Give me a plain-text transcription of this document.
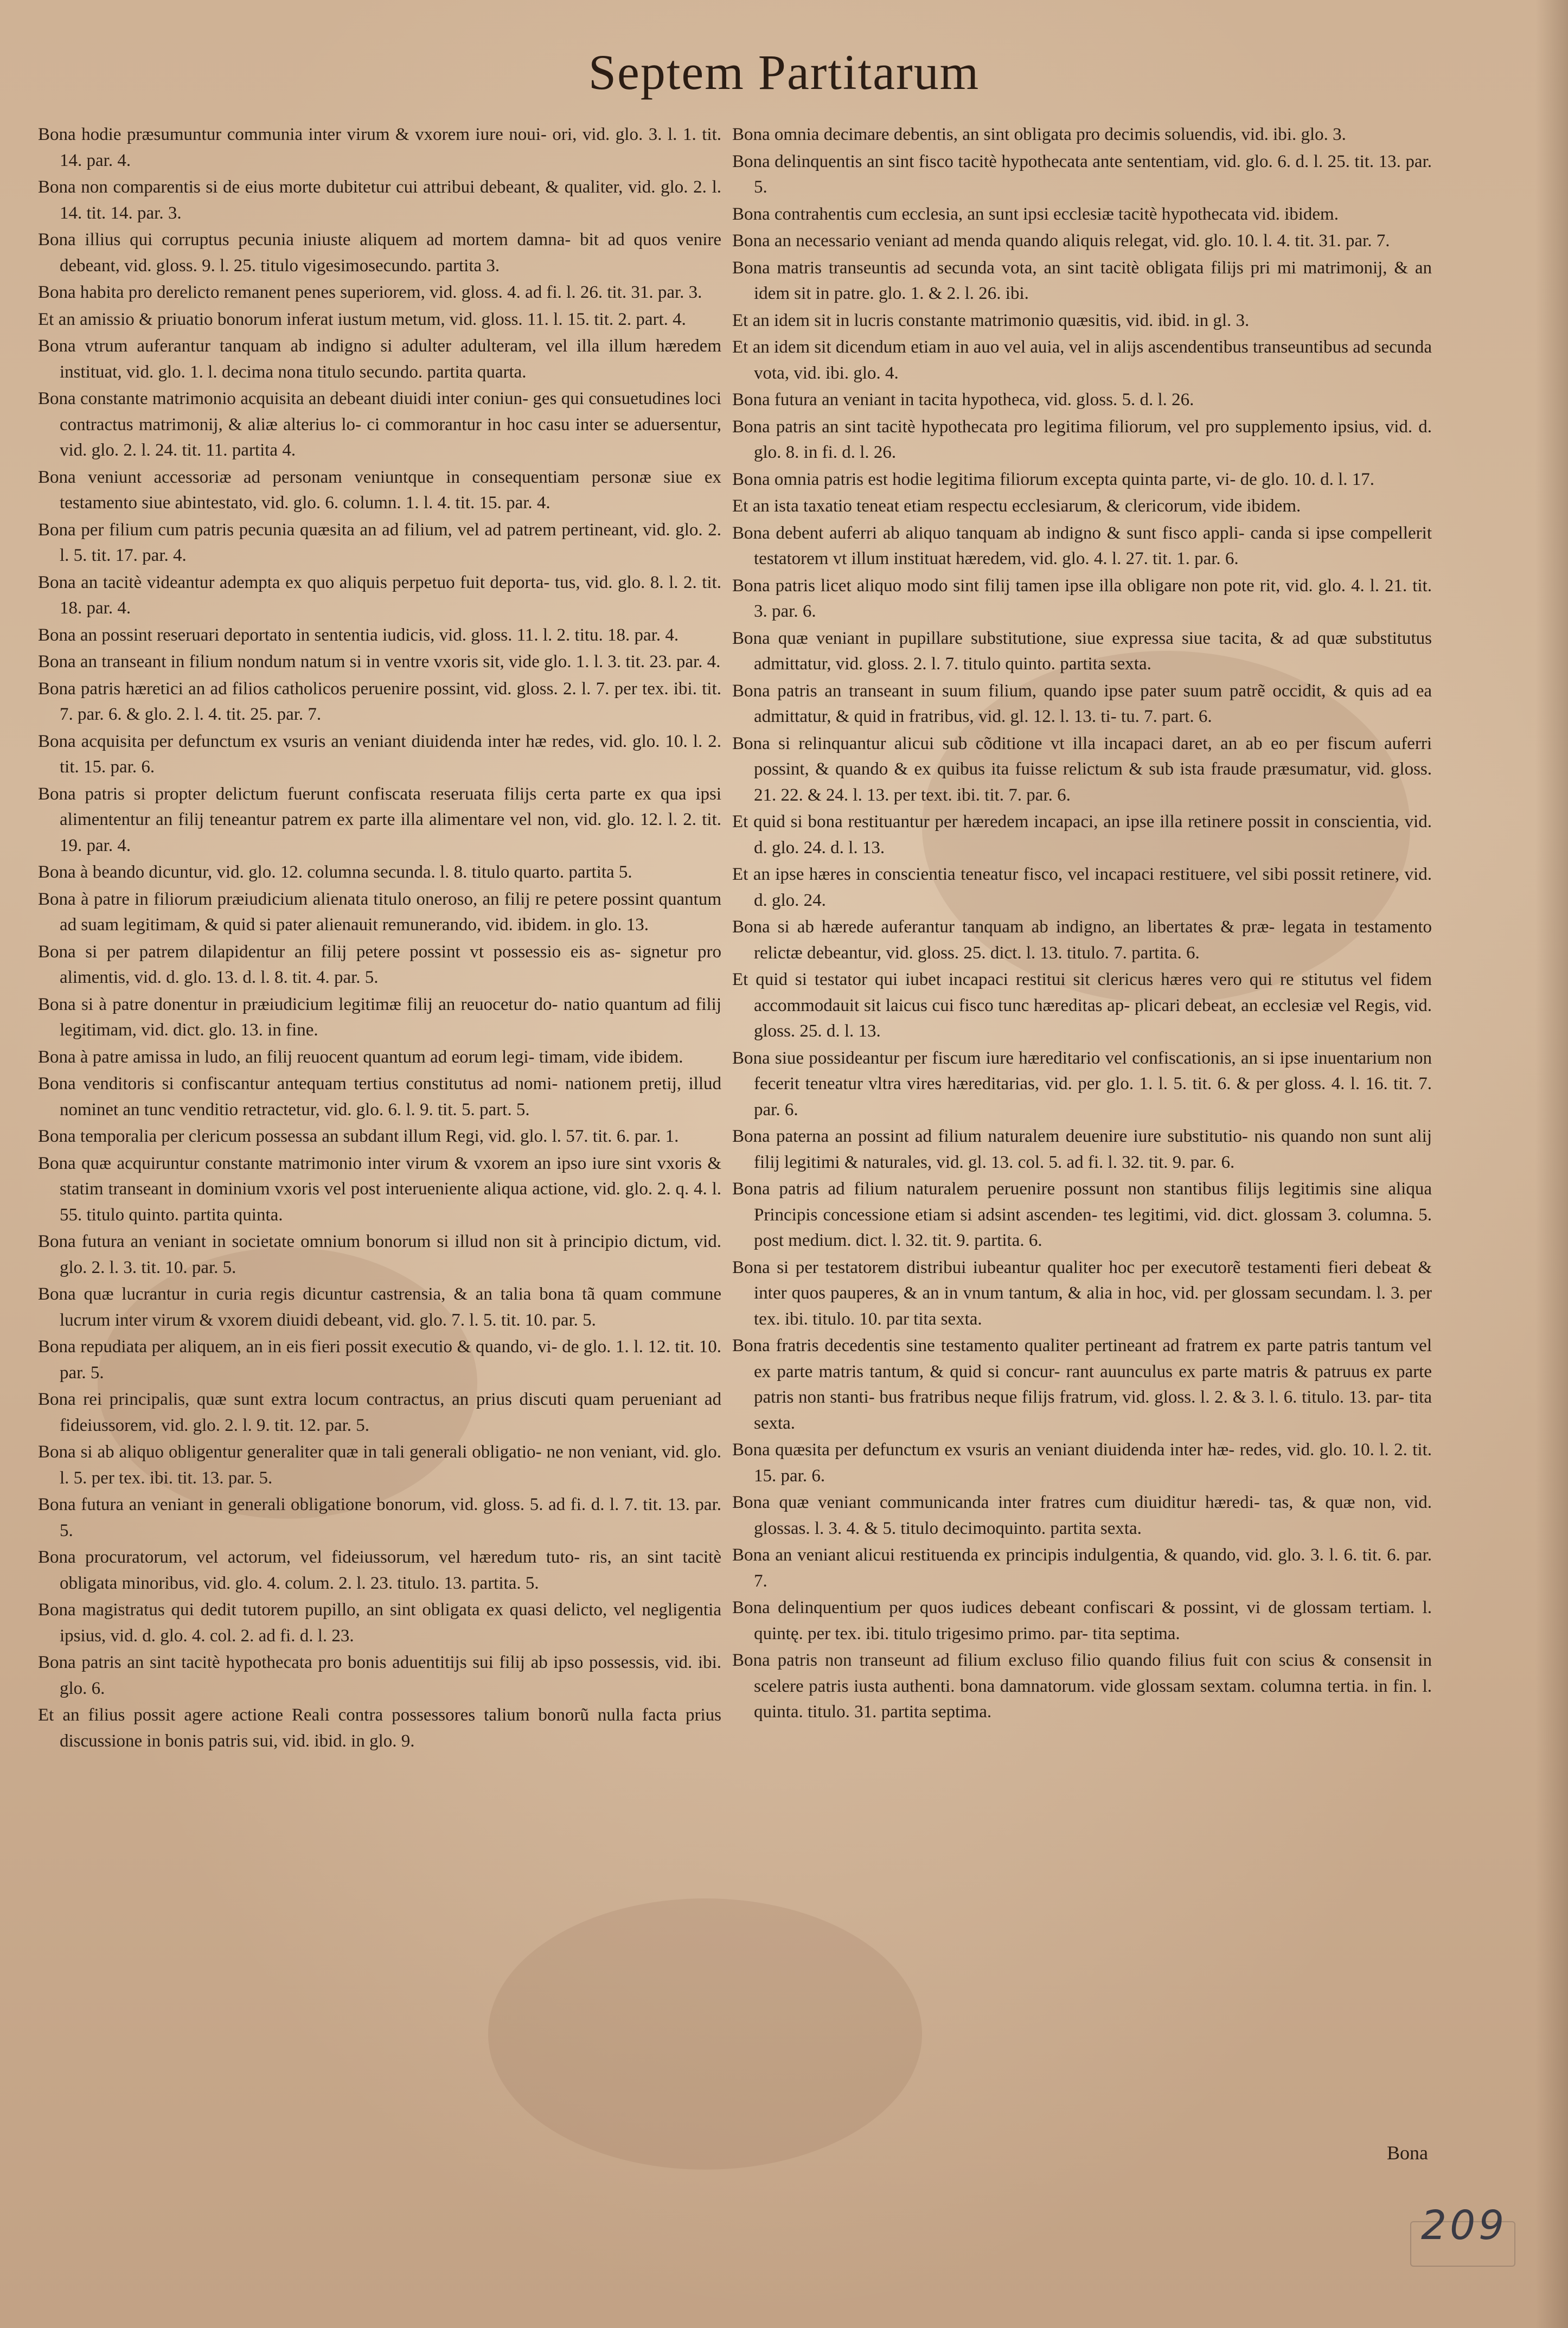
Septem Partitarum

Bona hodie præsumuntur communia inter virum & vxorem iure noui- ori, vid. glo. 3. l. 1. tit. 14. par. 4.

Bona non comparentis si de eius morte dubitetur cui attribui debeant, & qualiter, vid. glo. 2. l. 14. tit. 14. par. 3.

Bona illius qui corruptus pecunia iniuste aliquem ad mortem damna- bit ad quos venire debeant, vid. gloss. 9. l. 25. titulo vigesimosecundo. partita 3.

Bona habita pro derelicto remanent penes superiorem, vid. gloss. 4. ad fi. l. 26. tit. 31. par. 3.

Et an amissio & priuatio bonorum inferat iustum metum, vid. gloss. 11. l. 15. tit. 2. part. 4.

Bona vtrum auferantur tanquam ab indigno si adulter adulteram, vel illa illum hæredem instituat, vid. glo. 1. l. decima nona titulo secundo. partita quarta.

Bona constante matrimonio acquisita an debeant diuidi inter coniun- ges qui consuetudines loci contractus matrimonij, & aliæ alterius lo- ci commorantur in hoc casu inter se aduersentur, vid. glo. 2. l. 24. tit. 11. partita 4.

Bona veniunt accessoriæ ad personam veniuntque in consequentiam personæ siue ex testamento siue abintestato, vid. glo. 6. column. 1. l. 4. tit. 15. par. 4.

Bona per filium cum patris pecunia quæsita an ad filium, vel ad patrem pertineant, vid. glo. 2. l. 5. tit. 17. par. 4.

Bona an tacitè videantur adempta ex quo aliquis perpetuo fuit deporta- tus, vid. glo. 8. l. 2. tit. 18. par. 4.

Bona an possint reseruari deportato in sententia iudicis, vid. gloss. 11. l. 2. titu. 18. par. 4.

Bona an transeant in filium nondum natum si in ventre vxoris sit, vide glo. 1. l. 3. tit. 23. par. 4.

Bona patris hæretici an ad filios catholicos peruenire possint, vid. gloss. 2. l. 7. per tex. ibi. tit. 7. par. 6. & glo. 2. l. 4. tit. 25. par. 7.

Bona acquisita per defunctum ex vsuris an veniant diuidenda inter hæ redes, vid. glo. 10. l. 2. tit. 15. par. 6.

Bona patris si propter delictum fuerunt confiscata reseruata filijs certa parte ex qua ipsi alimententur an filij teneantur patrem ex parte illa alimentare vel non, vid. glo. 12. l. 2. tit. 19. par. 4.

Bona à beando dicuntur, vid. glo. 12. columna secunda. l. 8. titulo quarto. partita 5.

Bona à patre in filiorum præiudicium alienata titulo oneroso, an filij re petere possint quantum ad suam legitimam, & quid si pater alienauit remunerando, vid. ibidem. in glo. 13.

Bona si per patrem dilapidentur an filij petere possint vt possessio eis as- signetur pro alimentis, vid. d. glo. 13. d. l. 8. tit. 4. par. 5.

Bona si à patre donentur in præiudicium legitimæ filij an reuocetur do- natio quantum ad filij legitimam, vid. dict. glo. 13. in fine.

Bona à patre amissa in ludo, an filij reuocent quantum ad eorum legi- timam, vide ibidem.

Bona venditoris si confiscantur antequam tertius constitutus ad nomi- nationem pretij, illud nominet an tunc venditio retractetur, vid. glo. 6. l. 9. tit. 5. part. 5.

Bona temporalia per clericum possessa an subdant illum Regi, vid. glo. l. 57. tit. 6. par. 1.

Bona quæ acquiruntur constante matrimonio inter virum & vxorem an ipso iure sint vxoris & statim transeant in dominium vxoris vel post interueniente aliqua actione, vid. glo. 2. q. 4. l. 55. titulo quinto. partita quinta.

Bona futura an veniant in societate omnium bonorum si illud non sit à principio dictum, vid. glo. 2. l. 3. tit. 10. par. 5.

Bona quæ lucrantur in curia regis dicuntur castrensia, & an talia bona tã quam commune lucrum inter virum & vxorem diuidi debeant, vid. glo. 7. l. 5. tit. 10. par. 5.

Bona repudiata per aliquem, an in eis fieri possit executio & quando, vi- de glo. 1. l. 12. tit. 10. par. 5.

Bona rei principalis, quæ sunt extra locum contractus, an prius discuti quam perueniant ad fideiussorem, vid. glo. 2. l. 9. tit. 12. par. 5.

Bona si ab aliquo obligentur generaliter quæ in tali generali obligatio- ne non veniant, vid. glo. l. 5. per tex. ibi. tit. 13. par. 5.

Bona futura an veniant in generali obligatione bonorum, vid. gloss. 5. ad fi. d. l. 7. tit. 13. par. 5.

Bona procuratorum, vel actorum, vel fideiussorum, vel hæredum tuto- ris, an sint tacitè obligata minoribus, vid. glo. 4. colum. 2. l. 23. titulo. 13. partita. 5.

Bona magistratus qui dedit tutorem pupillo, an sint obligata ex quasi delicto, vel negligentia ipsius, vid. d. glo. 4. col. 2. ad fi. d. l. 23.

Bona patris an sint tacitè hypothecata pro bonis aduentitijs sui filij ab ipso possessis, vid. ibi. glo. 6.

Et an filius possit agere actione Reali contra possessores talium bonorũ nulla facta prius discussione in bonis patris sui, vid. ibid. in glo. 9.

Bona omnia decimare debentis, an sint obligata pro decimis soluendis, vid. ibi. glo. 3.

Bona delinquentis an sint fisco tacitè hypothecata ante sententiam, vid. glo. 6. d. l. 25. tit. 13. par. 5.

Bona contrahentis cum ecclesia, an sunt ipsi ecclesiæ tacitè hypothecata vid. ibidem.

Bona an necessario veniant ad menda quando aliquis relegat, vid. glo. 10. l. 4. tit. 31. par. 7.

Bona matris transeuntis ad secunda vota, an sint tacitè obligata filijs pri mi matrimonij, & an idem sit in patre. glo. 1. & 2. l. 26. ibi.

Et an idem sit in lucris constante matrimonio quæsitis, vid. ibid. in gl. 3.

Et an idem sit dicendum etiam in auo vel auia, vel in alijs ascendentibus transeuntibus ad secunda vota, vid. ibi. glo. 4.

Bona futura an veniant in tacita hypotheca, vid. gloss. 5. d. l. 26.

Bona patris an sint tacitè hypothecata pro legitima filiorum, vel pro supplemento ipsius, vid. d. glo. 8. in fi. d. l. 26.

Bona omnia patris est hodie legitima filiorum excepta quinta parte, vi- de glo. 10. d. l. 17.

Et an ista taxatio teneat etiam respectu ecclesiarum, & clericorum, vide ibidem.

Bona debent auferri ab aliquo tanquam ab indigno & sunt fisco appli- canda si ipse compellerit testatorem vt illum instituat hæredem, vid. glo. 4. l. 27. tit. 1. par. 6.

Bona patris licet aliquo modo sint filij tamen ipse illa obligare non pote rit, vid. glo. 4. l. 21. tit. 3. par. 6.

Bona quæ veniant in pupillare substitutione, siue expressa siue tacita, & ad quæ substitutus admittatur, vid. gloss. 2. l. 7. titulo quinto. partita sexta.

Bona patris an transeant in suum filium, quando ipse pater suum patrẽ occidit, & quis ad ea admittatur, & quid in fratribus, vid. gl. 12. l. 13. ti- tu. 7. part. 6.

Bona si relinquantur alicui sub cõditione vt illa incapaci daret, an ab eo per fiscum auferri possint, & quando & ex quibus ita fuisse relictum & sub ista fraude præsumatur, vid. gloss. 21. 22. & 24. l. 13. per text. ibi. tit. 7. par. 6.

Et quid si bona restituantur per hæredem incapaci, an ipse illa retinere possit in conscientia, vid. d. glo. 24. d. l. 13.

Et an ipse hæres in conscientia teneatur fisco, vel incapaci restituere, vel sibi possit retinere, vid. d. glo. 24.

Bona si ab hærede auferantur tanquam ab indigno, an libertates & præ- legata in testamento relictæ debeantur, vid. gloss. 25. dict. l. 13. titulo. 7. partita. 6.

Et quid si testator qui iubet incapaci restitui sit clericus hæres vero qui re stitutus vel fidem accommodauit sit laicus cui fisco tunc hæreditas ap- plicari debeat, an ecclesiæ vel Regis, vid. gloss. 25. d. l. 13.

Bona siue possideantur per fiscum iure hæreditario vel confiscationis, an si ipse inuentarium non fecerit teneatur vltra vires hæreditarias, vid. per glo. 1. l. 5. tit. 6. & per gloss. 4. l. 16. tit. 7. par. 6.

Bona paterna an possint ad filium naturalem deuenire iure substitutio- nis quando non sunt alij filij legitimi & naturales, vid. gl. 13. col. 5. ad fi. l. 32. tit. 9. par. 6.

Bona patris ad filium naturalem peruenire possunt non stantibus filijs legitimis sine aliqua Principis concessione etiam si adsint ascenden- tes legitimi, vid. dict. glossam 3. columna. 5. post medium. dict. l. 32. tit. 9. partita. 6.

Bona si per testatorem distribui iubeantur qualiter hoc per executorẽ testamenti fieri debeat & inter quos pauperes, & an in vnum tantum, & alia in hoc, vid. per glossam secundam. l. 3. per tex. ibi. titulo. 10. par tita sexta.

Bona fratris decedentis sine testamento qualiter pertineant ad fratrem ex parte patris tantum vel ex parte matris tantum, & quid si concur- rant auunculus ex parte matris & patruus ex parte patris non stanti- bus fratribus neque filijs fratrum, vid. gloss. l. 2. & 3. l. 6. titulo. 13. par- tita sexta.

Bona quæsita per defunctum ex vsuris an veniant diuidenda inter hæ- redes, vid. glo. 10. l. 2. tit. 15. par. 6.

Bona quæ veniant communicanda inter fratres cum diuiditur hæredi- tas, & quæ non, vid. glossas. l. 3. 4. & 5. titulo decimoquinto. partita sexta.

Bona an veniant alicui restituenda ex principis indulgentia, & quando, vid. glo. 3. l. 6. tit. 6. par. 7.

Bona delinquentium per quos iudices debeant confiscari & possint, vi de glossam tertiam. l. quintę. per tex. ibi. titulo trigesimo primo. par- tita septima.

Bona patris non transeunt ad filium excluso filio quando filius fuit con scius & consensit in scelere patris iusta authenti. bona damnatorum. vide glossam sextam. columna tertia. in fin. l. quinta. titulo. 31. partita septima.

Bona
209
